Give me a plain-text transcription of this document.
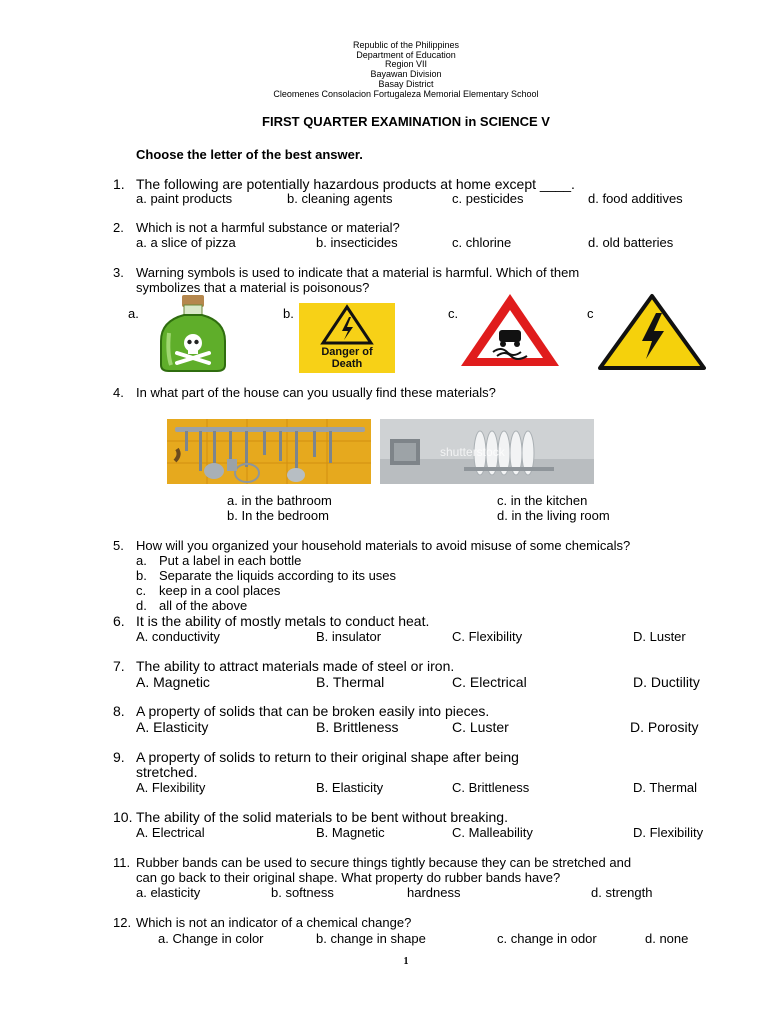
Republic of the Philippines
Department of Education
Region VII
Bayawan Division
Basay District
Cleomenes Consolacion Fortugaleza Memorial Elementary School
FIRST QUARTER EXAMINATION in SCIENCE V
Choose the letter of the best answer.
1. The following are potentially hazardous products at home except ____.
a. paint products	b. cleaning agents	c. pesticides	d. food additives
2. Which is not a harmful substance or material?
a. a slice of pizza	b. insecticides	c. chlorine	d. old batteries
3. Warning symbols is used to indicate that a material is harmful. Which of them
symbolizes that a material is poisonous?
a.	b.	c.	c
Danger of
Death
4. In what part of the house can you usually find these materials?
shutterstock
a. in the bathroom	c. in the kitchen
b. In the bedroom	d. in the living room
5. How will you organized your household materials to avoid misuse of some chemicals?
a. Put a label in each bottle
b. Separate the liquids according to its uses
c. keep in a cool places
d. all of the above
6. It is the ability of mostly metals to conduct heat.
A. conductivity	B. insulator	C. Flexibility	D. Luster
7. The ability to attract materials made of steel or iron.
A. Magnetic	B. Thermal	C. Electrical	D. Ductility
8. A property of solids that can be broken easily into pieces.
A. Elasticity	B. Brittleness	C. Luster	D. Porosity
9. A property of solids to return to their original shape after being
stretched.
A. Flexibility	B. Elasticity	C. Brittleness	D. Thermal
10. The ability of the solid materials to be bent without breaking.
A. Electrical	B. Magnetic	C. Malleability	D. Flexibility
11. Rubber bands can be used to secure things tightly because they can be stretched and
can go back to their original shape. What property do rubber bands have?
a. elasticity	b. softness	hardness	d. strength
12. Which is not an indicator of a chemical change?
a. Change in color	b. change in shape	c. change in odor	d. none
1
